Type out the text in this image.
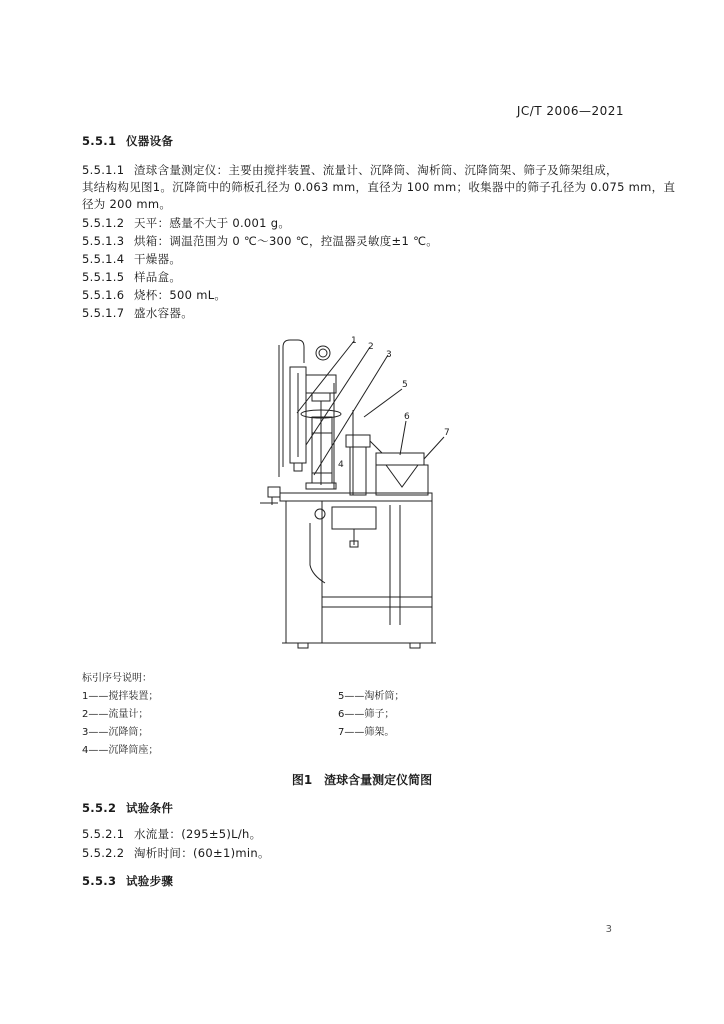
JC/T 2006—2021
5.5.1 仪器设备
5.5.1.1 渣球含量测定仪：主要由搅拌装置、流量计、沉降筒、淘析筒、沉降筒架、筛子及筛架组成，
其结构构见图1。沉降筒中的筛板孔径为 0.063 mm，直径为 100 mm；收集器中的筛子孔径为 0.075 mm，直
径为 200 mm。
5.5.1.2 天平：感量不大于 0.001 g。
5.5.1.3 烘箱：调温范围为 0 ℃～300 ℃，控温器灵敏度±1 ℃。
5.5.1.4 干燥器。
5.5.1.5 样品盒。
5.5.1.6 烧杯：500 mL。
5.5.1.7 盛水容器。
1
2
3
4
5
6
7
标引序号说明：
1——搅拌装置；
2——流量计；
3——沉降筒；
4——沉降筒座；
5——淘析筒；
6——筛子；
7——筛架。
图1　渣球含量测定仪简图
5.5.2 试验条件
5.5.2.1 水流量：(295±5)L/h。
5.5.2.2 淘析时间：(60±1)min。
5.5.3 试验步骤
3
